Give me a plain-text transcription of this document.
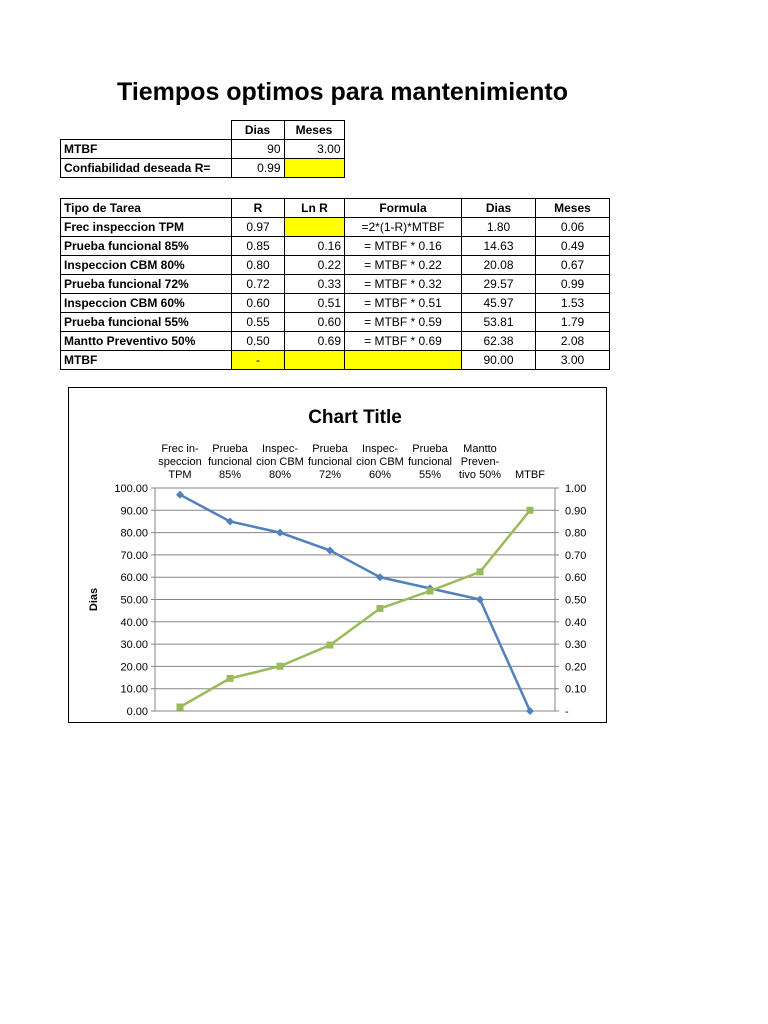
Tiempos optimos para mantenimiento
	Dias	Meses
MTBF	90	3.00
Confiabilidad deseada R=	0.99	
Tipo de Tarea	R	Ln R	Formula	Dias	Meses
Frec inspeccion TPM	0.97		=2*(1-R)*MTBF	1.80	0.06
Prueba funcional 85%	0.85	0.16	= MTBF * 0.16	14.63	0.49
Inspeccion CBM 80%	0.80	0.22	= MTBF * 0.22	20.08	0.67
Prueba funcional 72%	0.72	0.33	= MTBF * 0.32	29.57	0.99
Inspeccion CBM 60%	0.60	0.51	= MTBF * 0.51	45.97	1.53
Prueba funcional 55%	0.55	0.60	= MTBF * 0.59	53.81	1.79
Mantto Preventivo 50%	0.50	0.69	= MTBF * 0.69	62.38	2.08
MTBF	-			90.00	3.00
Chart Title
0.00	-
10.00	0.10
20.00	0.20
30.00	0.30
40.00	0.40
50.00	0.50
60.00	0.60
70.00	0.70
80.00	0.80
90.00	0.90
100.00	1.00
Frec in-
speccion
TPM
Prueba
funcional
85%
Inspec-
cion CBM
80%
Prueba
funcional
72%
Inspec-
cion CBM
60%
Prueba
funcional
55%
Mantto
Preven-
tivo 50% MTBF
Dias
